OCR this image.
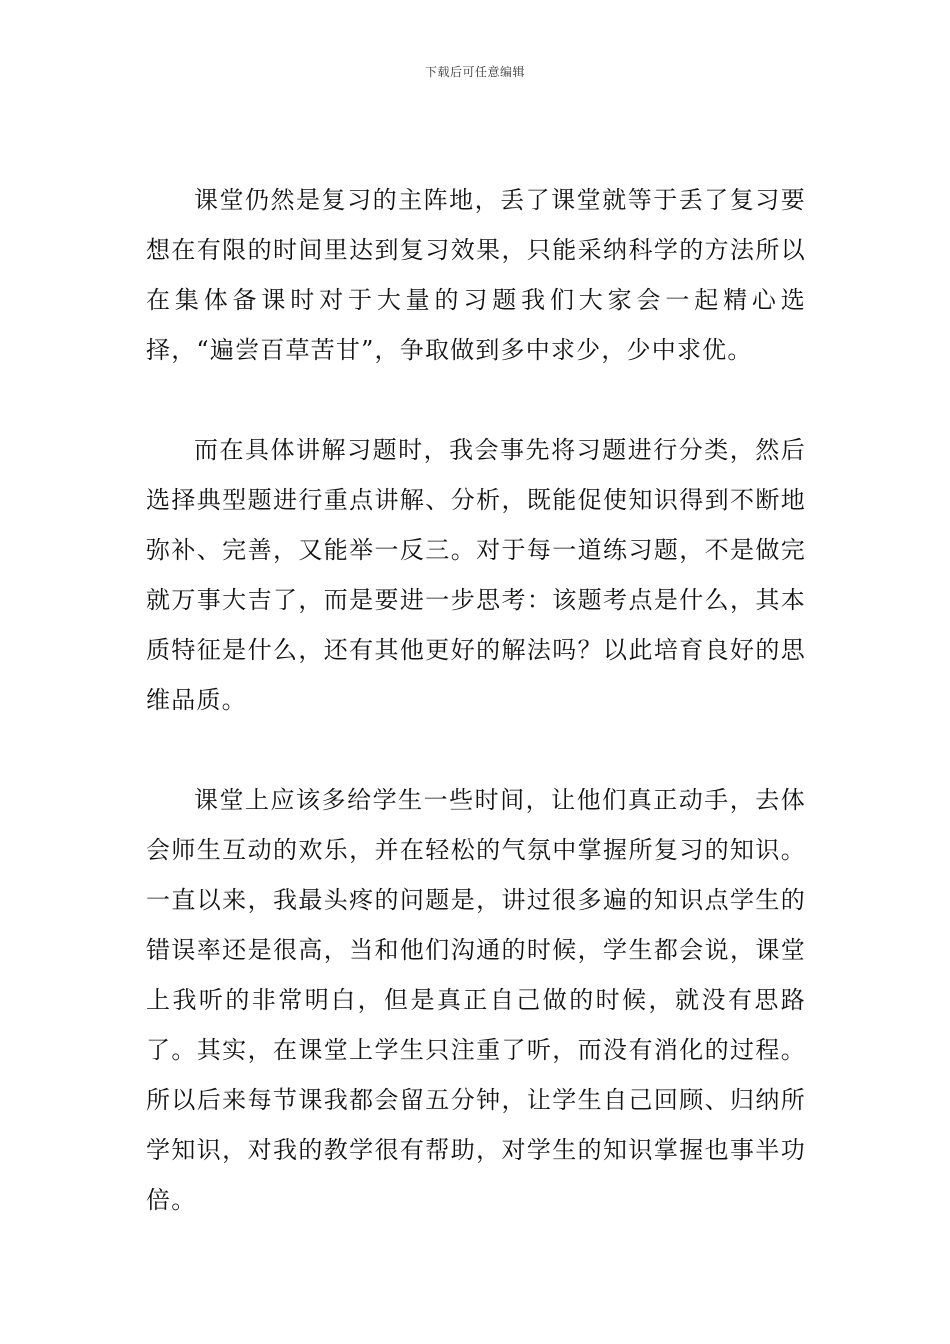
下载后可任意编辑

课堂仍然是复习的主阵地，丢了课堂就等于丢了复习要想在有限的时间里达到复习效果，只能采纳科学的方法所以在集体备课时对于大量的习题我们大家会一起精心选择，“遍尝百草苦甘”，争取做到多中求少，少中求优。

而在具体讲解习题时，我会事先将习题进行分类，然后选择典型题进行重点讲解、分析，既能促使知识得到不断地弥补、完善，又能举一反三。对于每一道练习题，不是做完就万事大吉了，而是要进一步思考：该题考点是什么，其本质特征是什么，还有其他更好的解法吗？以此培育良好的思维品质。

课堂上应该多给学生一些时间，让他们真正动手，去体会师生互动的欢乐，并在轻松的气氛中掌握所复习的知识。一直以来，我最头疼的问题是，讲过很多遍的知识点学生的错误率还是很高，当和他们沟通的时候，学生都会说，课堂上我听的非常明白，但是真正自己做的时候，就没有思路了。其实，在课堂上学生只注重了听，而没有消化的过程。所以后来每节课我都会留五分钟，让学生自己回顾、归纳所学知识，对我的教学很有帮助，对学生的知识掌握也事半功倍。
